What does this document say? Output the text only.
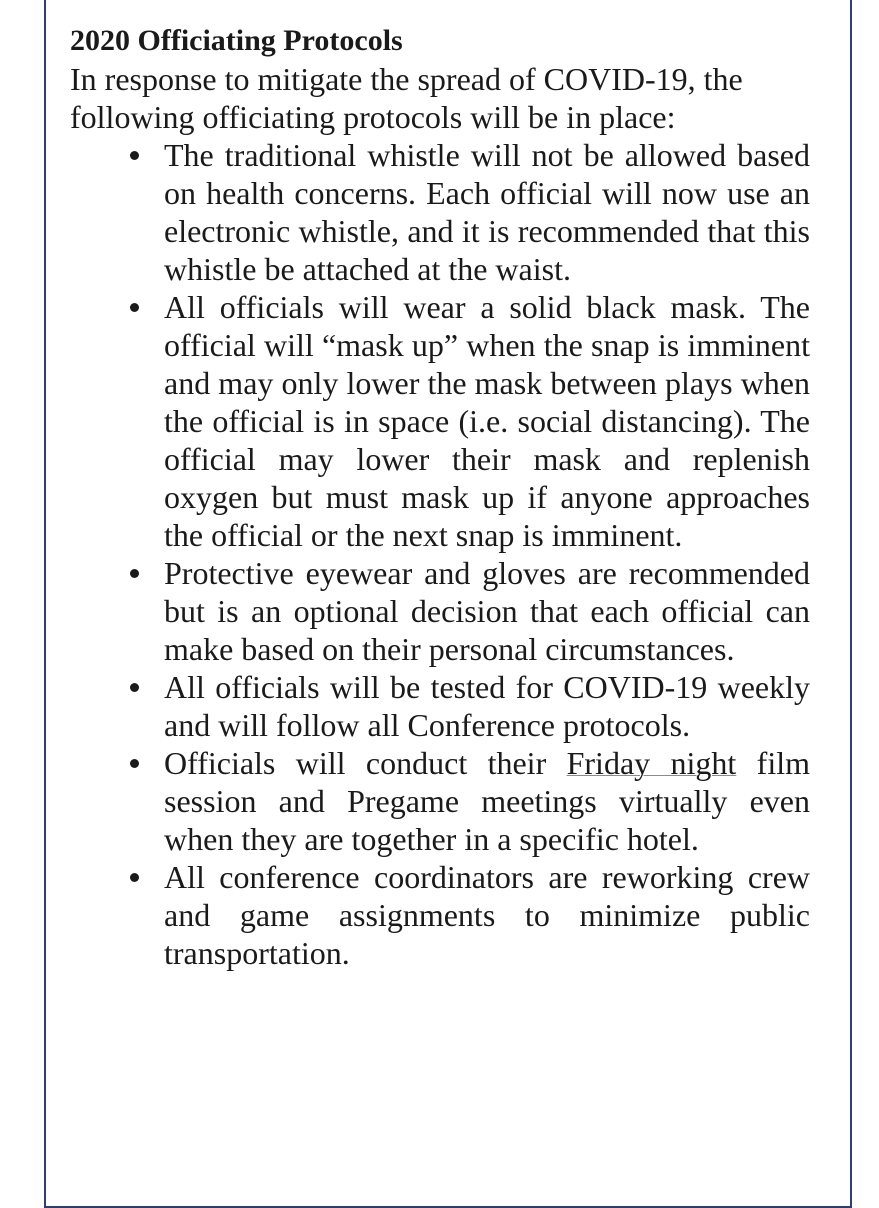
2020 Officiating Protocols

In response to mitigate the spread of COVID-19, the following officiating protocols will be in place:

The traditional whistle will not be allowed based on health concerns. Each official will now use an electronic whistle, and it is recommended that this whistle be attached at the waist.
All officials will wear a solid black mask. The official will “mask up” when the snap is imminent and may only lower the mask between plays when the official is in space (i.e. social distancing). The official may lower their mask and replenish oxygen but must mask up if anyone approaches the official or the next snap is imminent.
Protective eyewear and gloves are recommended but is an optional decision that each official can make based on their personal circumstances.
All officials will be tested for COVID-19 weekly and will follow all Conference protocols.
Officials will conduct their Friday night film session and Pregame meetings virtually even when they are together in a specific hotel.
All conference coordinators are reworking crew and game assignments to minimize public transportation.
